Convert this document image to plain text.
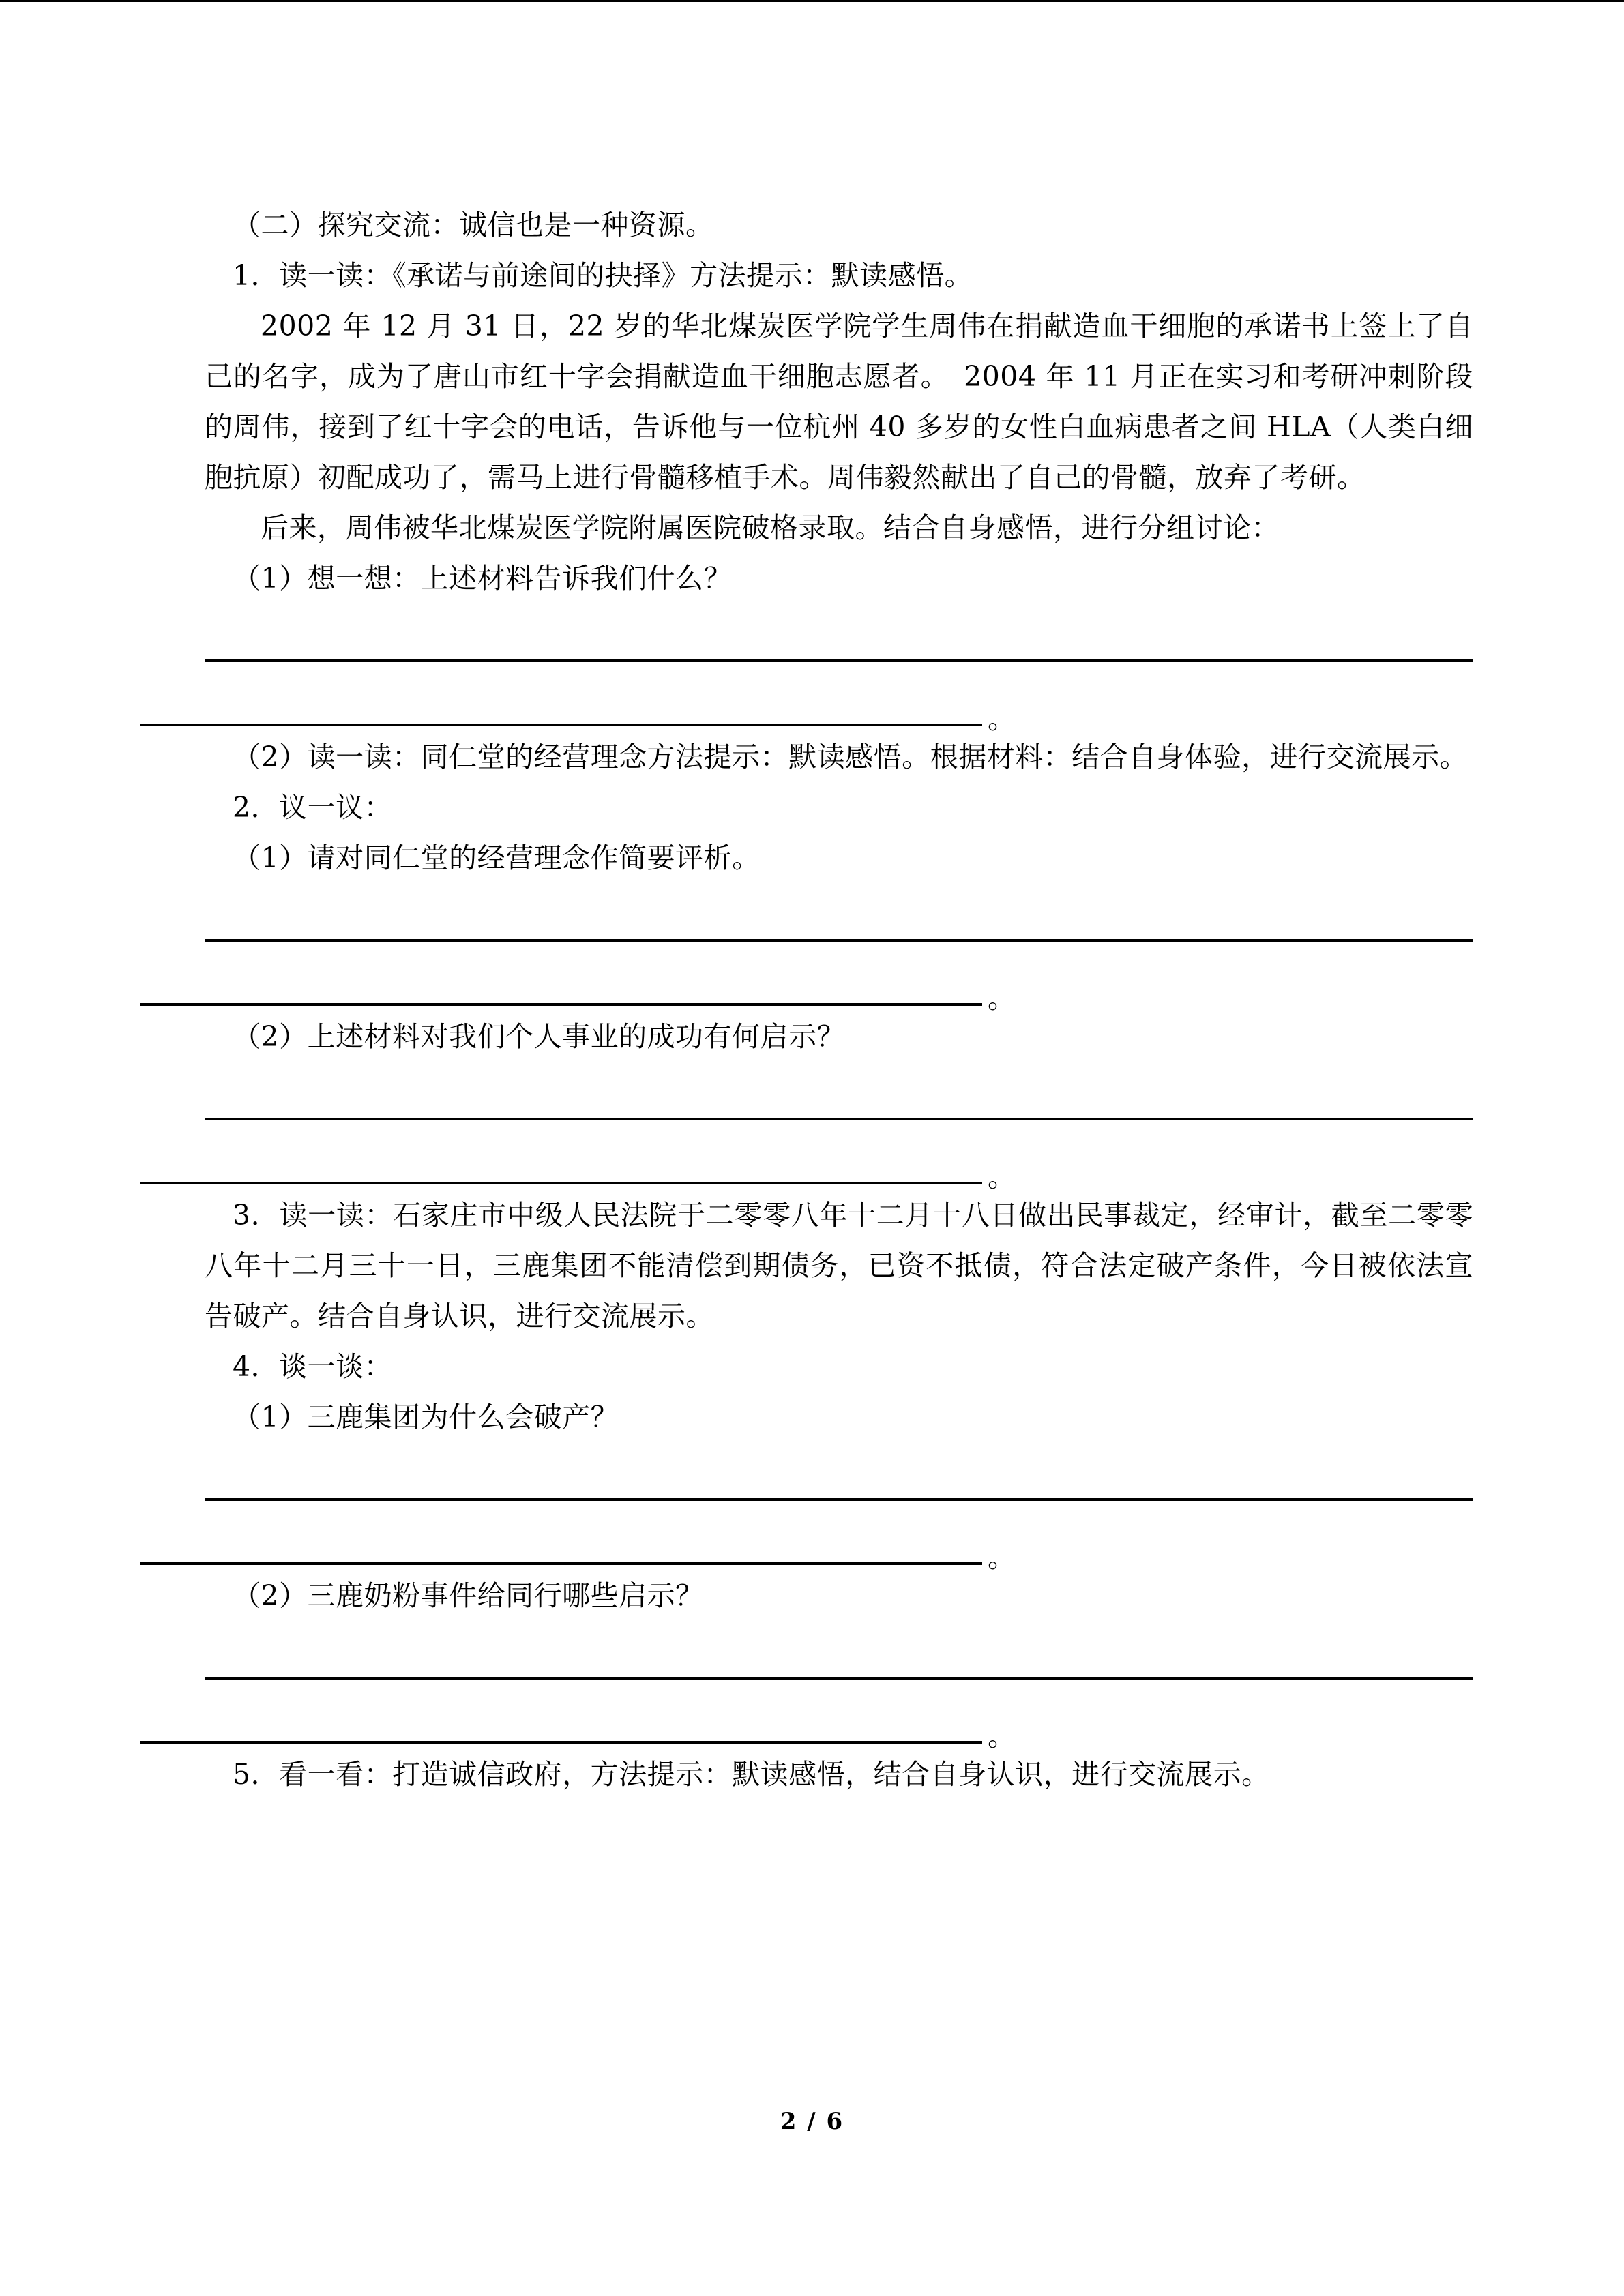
（二）探究交流：诚信也是一种资源。

1．读一读：《承诺与前途间的抉择》方法提示：默读感悟。

2002 年 12 月 31 日，22 岁的华北煤炭医学院学生周伟在捐献造血干细胞的承诺书上签上了自己的名字，成为了唐山市红十字会捐献造血干细胞志愿者。　2004 年 11 月正在实习和考研冲刺阶段的周伟，接到了红十字会的电话，告诉他与一位杭州 40 多岁的女性白血病患者之间 HLA（人类白细胞抗原）初配成功了，需马上进行骨髓移植手术。周伟毅然献出了自己的骨髓，放弃了考研。

后来，周伟被华北煤炭医学院附属医院破格录取。结合自身感悟，进行分组讨论：

（1）想一想：上述材料告诉我们什么？

。

（2）读一读：同仁堂的经营理念方法提示：默读感悟。根据材料：结合自身体验，进行交流展示。

2．议一议：

（1）请对同仁堂的经营理念作简要评析。

。

（2）上述材料对我们个人事业的成功有何启示？

。

3．读一读：石家庄市中级人民法院于二零零八年十二月十八日做出民事裁定，经审计，截至二零零八年十二月三十一日，三鹿集团不能清偿到期债务，已资不抵债，符合法定破产条件，今日被依法宣告破产。结合自身认识，进行交流展示。

4．谈一谈：

（1）三鹿集团为什么会破产？

。

（2）三鹿奶粉事件给同行哪些启示？

。

5．看一看：打造诚信政府，方法提示：默读感悟，结合自身认识，进行交流展示。

2 / 6
